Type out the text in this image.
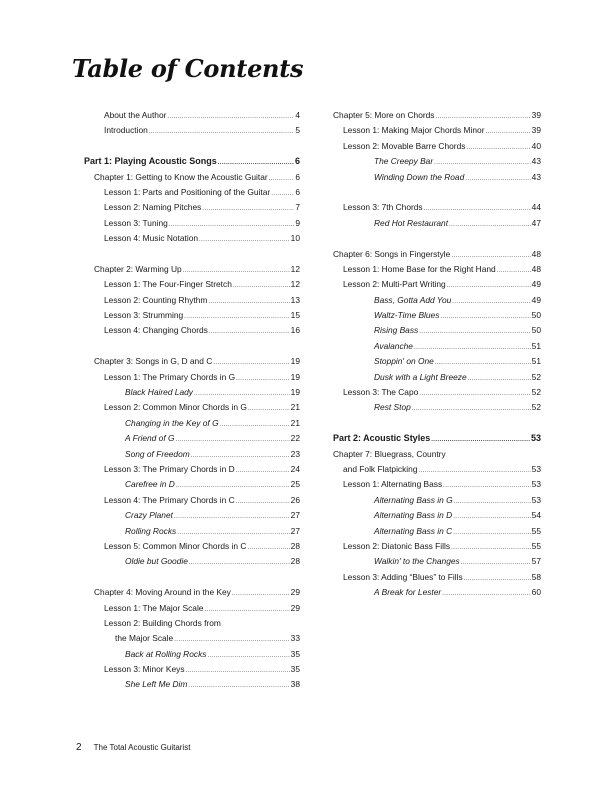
Table of Contents
About the Author .....	4
Introduction .....	5
Part 1: Playing Acoustic Songs .....	6
Chapter 1: Getting to Know the Acoustic Guitar .....	6
Lesson 1: Parts and Positioning of the Guitar .....	6
Lesson 2: Naming Pitches .....	7
Lesson 3: Tuning .....	9
Lesson 4: Music Notation .....	10
Chapter 2: Warming Up .....	12
Lesson 1: The Four-Finger Stretch .....	12
Lesson 2: Counting Rhythm .....	13
Lesson 3: Strumming .....	15
Lesson 4: Changing Chords .....	16
Chapter 3: Songs in G, D and C .....	19
Lesson 1: The Primary Chords in G .....	19
Black Haired Lady .....	19
Lesson 2: Common Minor Chords in G .....	21
Changing in the Key of G .....	21
A Friend of G .....	22
Song of Freedom .....	23
Lesson 3: The Primary Chords in D .....	24
Carefree in D .....	25
Lesson 4: The Primary Chords in C .....	26
Crazy Planet .....	27
Rolling Rocks .....	27
Lesson 5: Common Minor Chords in C .....	28
Oldie but Goodie .....	28
Chapter 4: Moving Around in the Key .....	29
Lesson 1: The Major Scale .....	29
Lesson 2: Building Chords from
the Major Scale .....	33
Back at Rolling Rocks .....	35
Lesson 3: Minor Keys .....	35
She Left Me Dim .....	38
Chapter 5: More on Chords .....	39
Lesson 1: Making Major Chords Minor .....	39
Lesson 2: Movable Barre Chords .....	40
The Creepy Bar .....	43
Winding Down the Road .....	43
Lesson 3: 7th Chords .....	44
Red Hot Restaurant .....	47
Chapter 6: Songs in Fingerstyle .....	48
Lesson 1: Home Base for the Right Hand .....	48
Lesson 2: Multi-Part Writing .....	49
Bass, Gotta Add You .....	49
Waltz-Time Blues .....	50
Rising Bass .....	50
Avalanche .....	51
Stoppin' on One .....	51
Dusk with a Light Breeze .....	52
Lesson 3: The Capo .....	52
Rest Stop .....	52
Part 2: Acoustic Styles .....	53
Chapter 7: Bluegrass, Country
and Folk Flatpicking .....	53
Lesson 1: Alternating Bass .....	53
Alternating Bass in G .....	53
Alternating Bass in D .....	54
Alternating Bass in C .....	55
Lesson 2: Diatonic Bass Fills .....	55
Walkin' to the Changes .....	57
Lesson 3: Adding “Blues” to Fills .....	58
A Break for Lester .....	60
2 The Total Acoustic Guitarist
